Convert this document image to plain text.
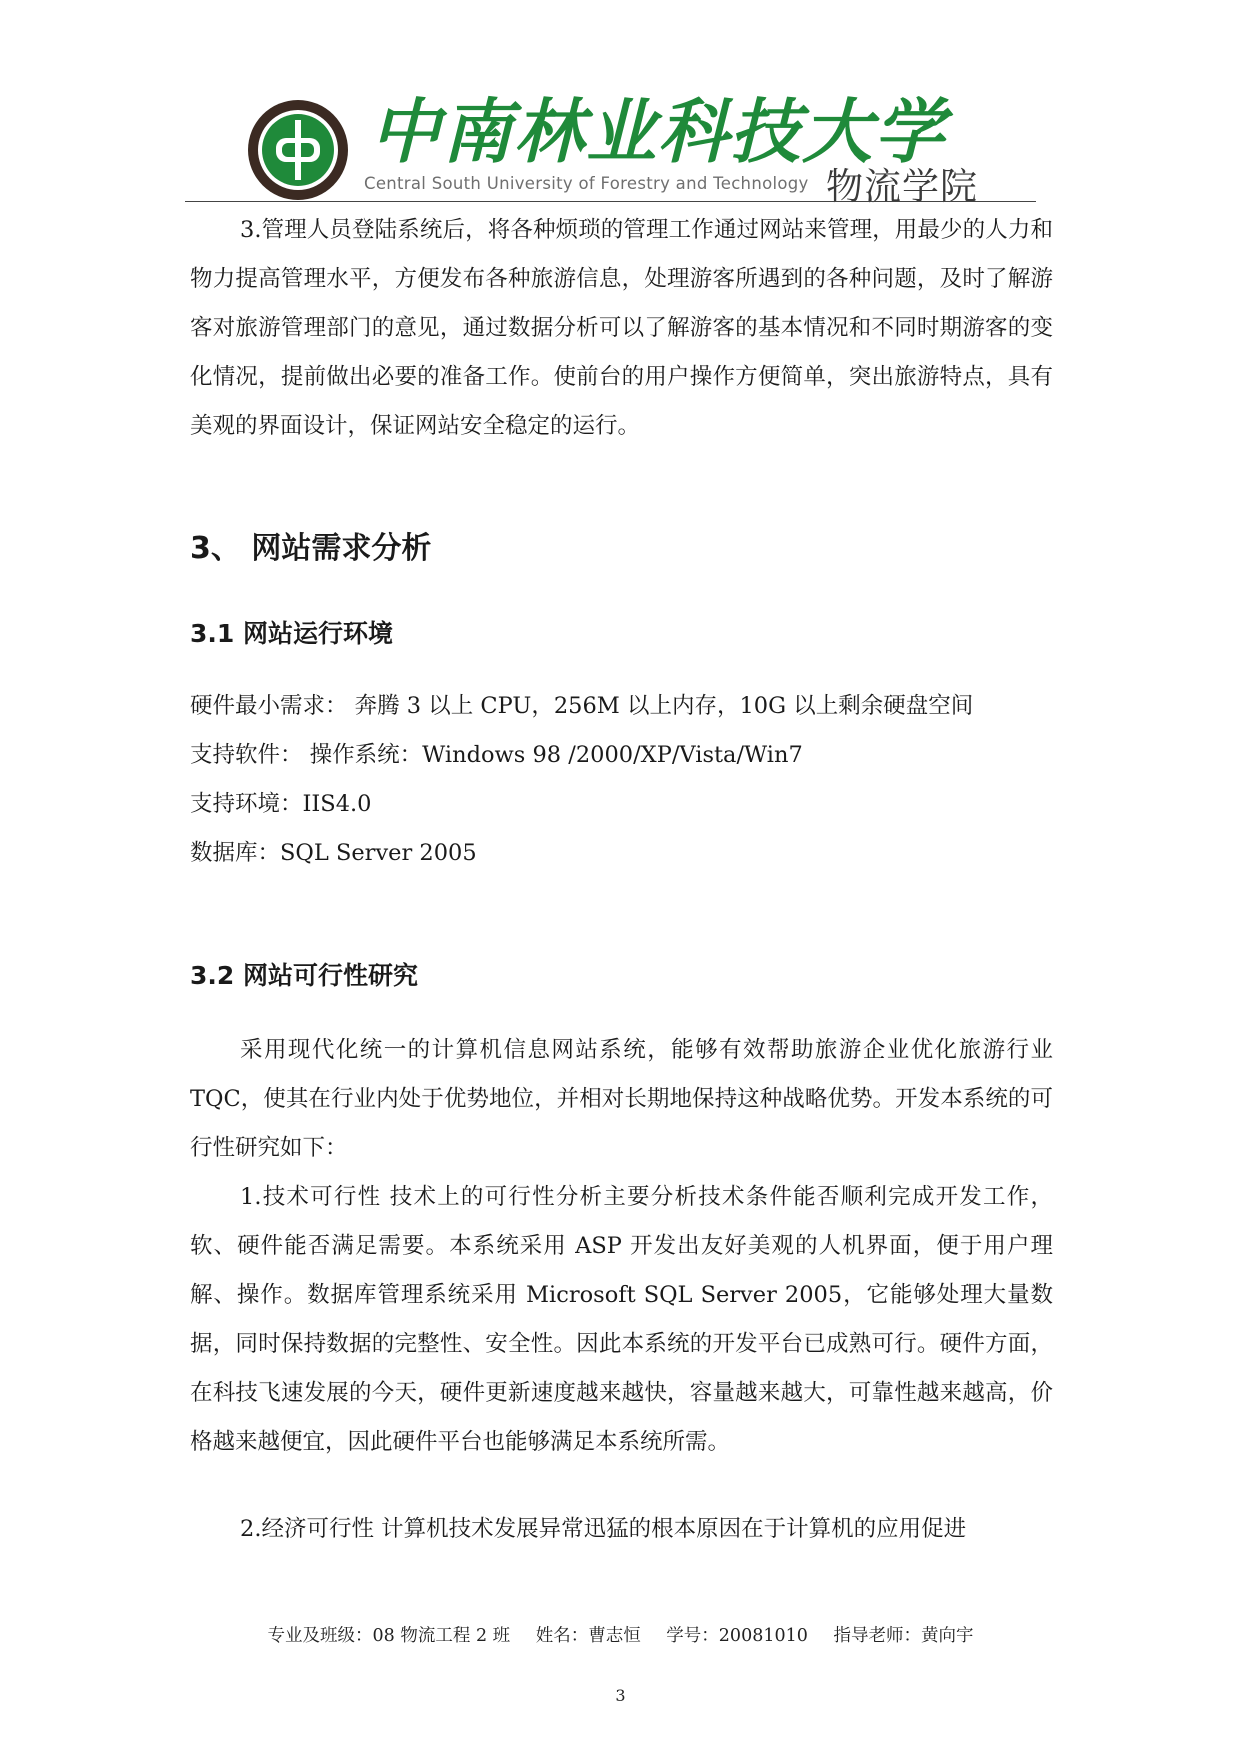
中南林业科技大学
Central South University of Forestry and Technology 物流学院

3.管理人员登陆系统后，将各种烦琐的管理工作通过网站来管理，用最少的人力和物力提高管理水平，方便发布各种旅游信息，处理游客所遇到的各种问题，及时了解游客对旅游管理部门的意见，通过数据分析可以了解游客的基本情况和不同时期游客的变化情况，提前做出必要的准备工作。使前台的用户操作方便简单，突出旅游特点，具有美观的界面设计，保证网站安全稳定的运行。

3、 网站需求分析
3.1 网站运行环境

硬件最小需求： 奔腾 3 以上 CPU，256M 以上内存，10G 以上剩余硬盘空间

支持软件： 操作系统：Windows 98 /2000/XP/Vista/Win7

支持环境：IIS4.0

数据库：SQL Server 2005

3.2 网站可行性研究

采用现代化统一的计算机信息网站系统，能够有效帮助旅游企业优化旅游行业 TQC，使其在行业内处于优势地位，并相对长期地保持这种战略优势。开发本系统的可行性研究如下：

1.技术可行性 技术上的可行性分析主要分析技术条件能否顺利完成开发工作，软、硬件能否满足需要。本系统采用 ASP 开发出友好美观的人机界面，便于用户理解、操作。数据库管理系统采用 Microsoft SQL Server 2005，它能够处理大量数据，同时保持数据的完整性、安全性。因此本系统的开发平台已成熟可行。硬件方面，在科技飞速发展的今天，硬件更新速度越来越快，容量越来越大，可靠性越来越高，价格越来越便宜，因此硬件平台也能够满足本系统所需。

2.经济可行性 计算机技术发展异常迅猛的根本原因在于计算机的应用促进

专业及班级：08 物流工程 2 班 姓名：曹志恒 学号：20081010 指导老师：黄向宇
3
